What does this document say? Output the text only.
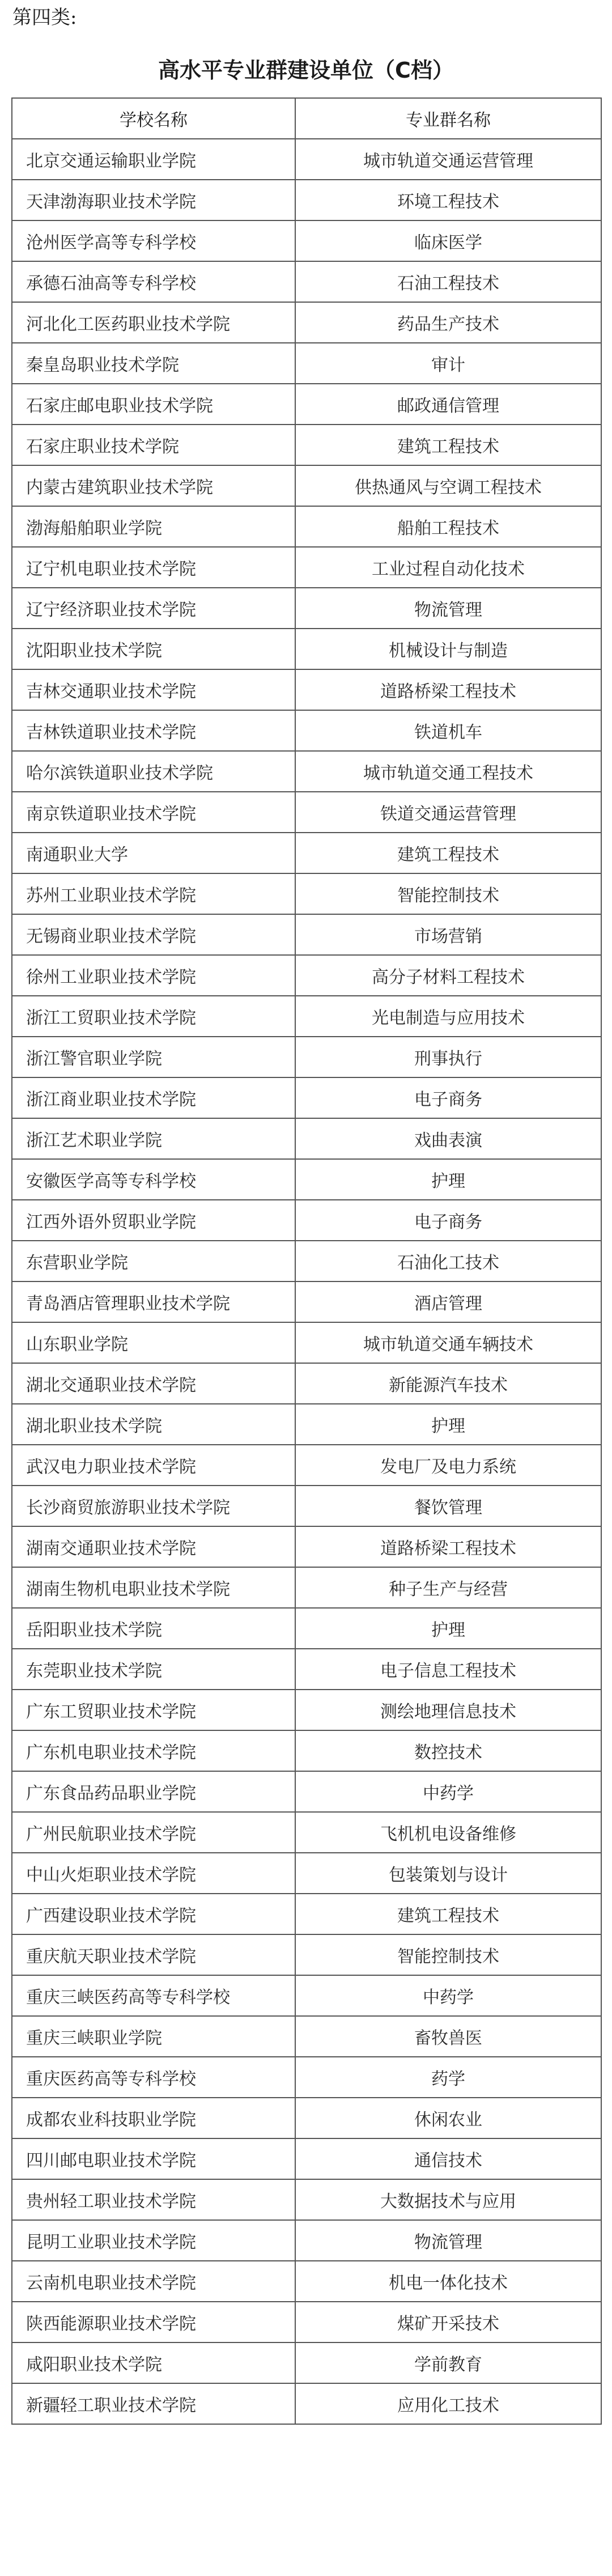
第四类:
高水平专业群建设单位（C档）
学校名称	专业群名称
北京交通运输职业学院	城市轨道交通运营管理
天津渤海职业技术学院	环境工程技术
沧州医学高等专科学校	临床医学
承德石油高等专科学校	石油工程技术
河北化工医药职业技术学院	药品生产技术
秦皇岛职业技术学院	审计
石家庄邮电职业技术学院	邮政通信管理
石家庄职业技术学院	建筑工程技术
内蒙古建筑职业技术学院	供热通风与空调工程技术
渤海船舶职业学院	船舶工程技术
辽宁机电职业技术学院	工业过程自动化技术
辽宁经济职业技术学院	物流管理
沈阳职业技术学院	机械设计与制造
吉林交通职业技术学院	道路桥梁工程技术
吉林铁道职业技术学院	铁道机车
哈尔滨铁道职业技术学院	城市轨道交通工程技术
南京铁道职业技术学院	铁道交通运营管理
南通职业大学	建筑工程技术
苏州工业职业技术学院	智能控制技术
无锡商业职业技术学院	市场营销
徐州工业职业技术学院	高分子材料工程技术
浙江工贸职业技术学院	光电制造与应用技术
浙江警官职业学院	刑事执行
浙江商业职业技术学院	电子商务
浙江艺术职业学院	戏曲表演
安徽医学高等专科学校	护理
江西外语外贸职业学院	电子商务
东营职业学院	石油化工技术
青岛酒店管理职业技术学院	酒店管理
山东职业学院	城市轨道交通车辆技术
湖北交通职业技术学院	新能源汽车技术
湖北职业技术学院	护理
武汉电力职业技术学院	发电厂及电力系统
长沙商贸旅游职业技术学院	餐饮管理
湖南交通职业技术学院	道路桥梁工程技术
湖南生物机电职业技术学院	种子生产与经营
岳阳职业技术学院	护理
东莞职业技术学院	电子信息工程技术
广东工贸职业技术学院	测绘地理信息技术
广东机电职业技术学院	数控技术
广东食品药品职业学院	中药学
广州民航职业技术学院	飞机机电设备维修
中山火炬职业技术学院	包装策划与设计
广西建设职业技术学院	建筑工程技术
重庆航天职业技术学院	智能控制技术
重庆三峡医药高等专科学校	中药学
重庆三峡职业学院	畜牧兽医
重庆医药高等专科学校	药学
成都农业科技职业学院	休闲农业
四川邮电职业技术学院	通信技术
贵州轻工职业技术学院	大数据技术与应用
昆明工业职业技术学院	物流管理
云南机电职业技术学院	机电一体化技术
陕西能源职业技术学院	煤矿开采技术
咸阳职业技术学院	学前教育
新疆轻工职业技术学院	应用化工技术
